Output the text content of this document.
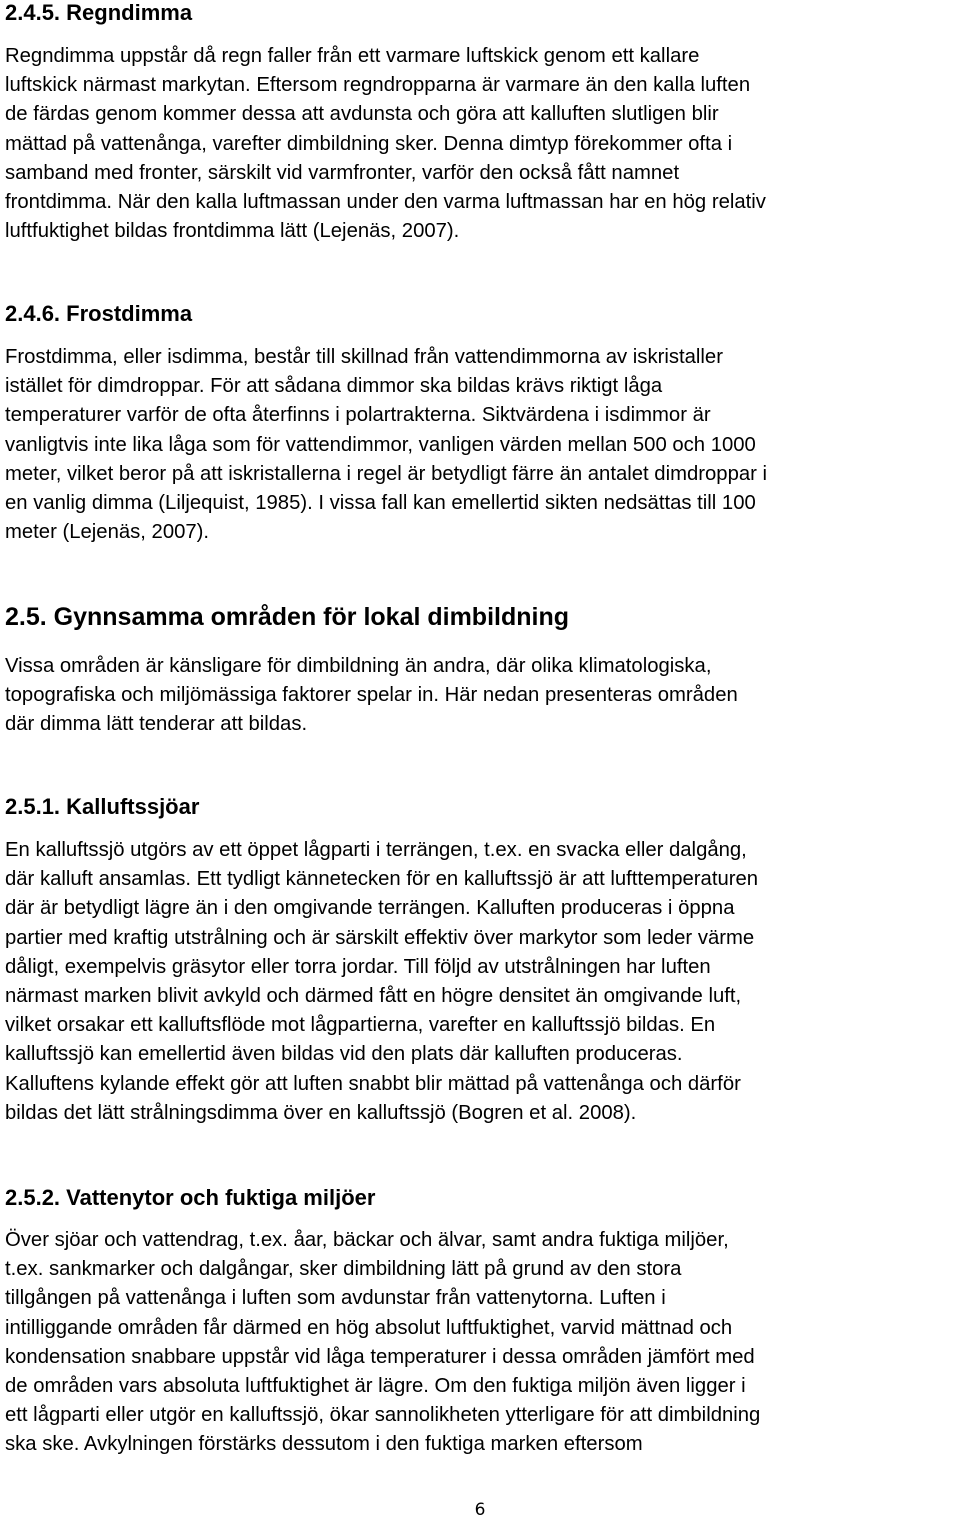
2.4.5. Regndimma
Regndimma uppstår då regn faller från ett varmare luftskick genom ett kallare
luftskick närmast markytan. Eftersom regndropparna är varmare än den kalla luften
de färdas genom kommer dessa att avdunsta och göra att kalluften slutligen blir
mättad på vattenånga, varefter dimbildning sker. Denna dimtyp förekommer ofta i
samband med fronter, särskilt vid varmfronter, varför den också fått namnet
frontdimma. När den kalla luftmassan under den varma luftmassan har en hög relativ
luftfuktighet bildas frontdimma lätt (Lejenäs, 2007).
2.4.6. Frostdimma
Frostdimma, eller isdimma, består till skillnad från vattendimmorna av iskristaller
istället för dimdroppar. För att sådana dimmor ska bildas krävs riktigt låga
temperaturer varför de ofta återfinns i polartrakterna. Siktvärdena i isdimmor är
vanligtvis inte lika låga som för vattendimmor, vanligen värden mellan 500 och 1000
meter, vilket beror på att iskristallerna i regel är betydligt färre än antalet dimdroppar i
en vanlig dimma (Liljequist, 1985). I vissa fall kan emellertid sikten nedsättas till 100
meter (Lejenäs, 2007).
2.5. Gynnsamma områden för lokal dimbildning
Vissa områden är känsligare för dimbildning än andra, där olika klimatologiska,
topografiska och miljömässiga faktorer spelar in. Här nedan presenteras områden
där dimma lätt tenderar att bildas.
2.5.1. Kalluftssjöar
En kalluftssjö utgörs av ett öppet lågparti i terrängen, t.ex. en svacka eller dalgång,
där kalluft ansamlas. Ett tydligt kännetecken för en kalluftssjö är att lufttemperaturen
där är betydligt lägre än i den omgivande terrängen. Kalluften produceras i öppna
partier med kraftig utstrålning och är särskilt effektiv över markytor som leder värme
dåligt, exempelvis gräsytor eller torra jordar. Till följd av utstrålningen har luften
närmast marken blivit avkyld och därmed fått en högre densitet än omgivande luft,
vilket orsakar ett kalluftsflöde mot lågpartierna, varefter en kalluftssjö bildas. En
kalluftssjö kan emellertid även bildas vid den plats där kalluften produceras.
Kalluftens kylande effekt gör att luften snabbt blir mättad på vattenånga och därför
bildas det lätt strålningsdimma över en kalluftssjö (Bogren et al. 2008).
2.5.2. Vattenytor och fuktiga miljöer
Över sjöar och vattendrag, t.ex. åar, bäckar och älvar, samt andra fuktiga miljöer,
t.ex. sankmarker och dalgångar, sker dimbildning lätt på grund av den stora
tillgången på vattenånga i luften som avdunstar från vattenytorna. Luften i
intilliggande områden får därmed en hög absolut luftfuktighet, varvid mättnad och
kondensation snabbare uppstår vid låga temperaturer i dessa områden jämfört med
de områden vars absoluta luftfuktighet är lägre. Om den fuktiga miljön även ligger i
ett lågparti eller utgör en kalluftssjö, ökar sannolikheten ytterligare för att dimbildning
ska ske. Avkylningen förstärks dessutom i den fuktiga marken eftersom
6
